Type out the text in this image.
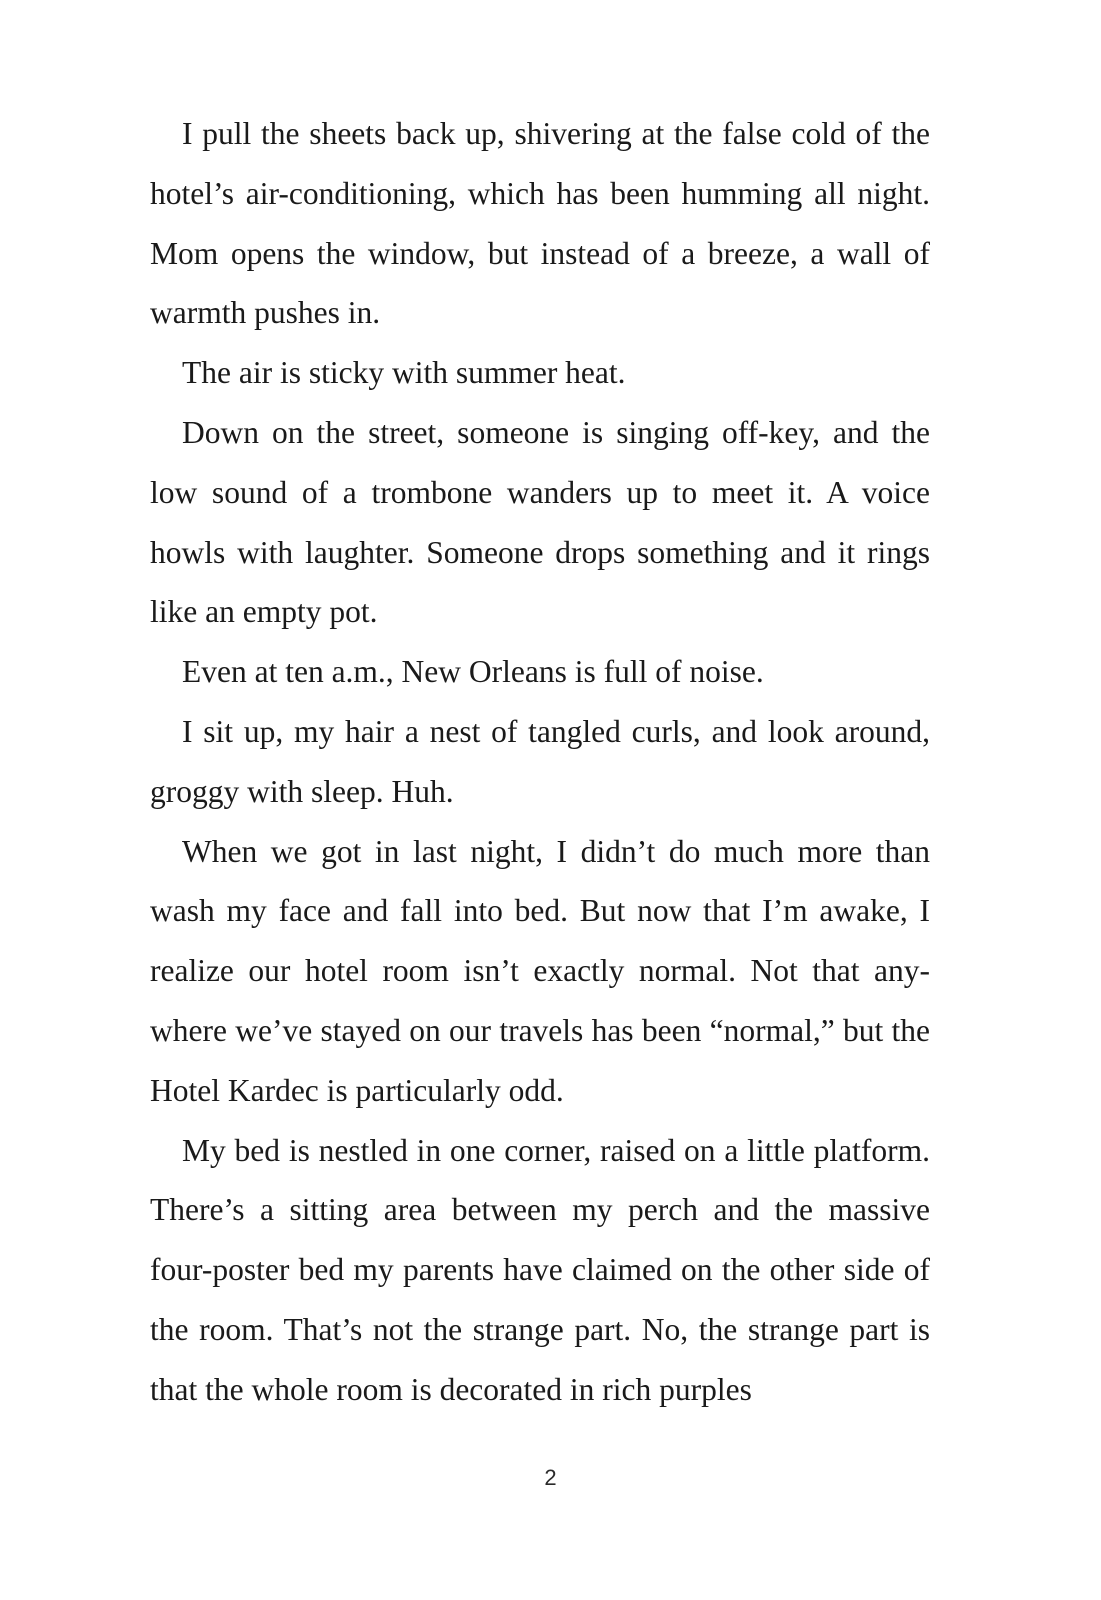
I pull the sheets back up, shivering at the false cold of the hotel’s air-conditioning, which has been humming all night. Mom opens the window, but instead of a breeze, a wall of warmth pushes in.

The air is sticky with summer heat.

Down on the street, someone is singing off-key, and the low sound of a trombone wanders up to meet it. A voice howls with laughter. Someone drops something and it rings like an empty pot.

Even at ten a.m., New Orleans is full of noise.

I sit up, my hair a nest of tangled curls, and look around, groggy with sleep. Huh.

When we got in last night, I didn’t do much more than wash my face and fall into bed. But now that I’m awake, I realize our hotel room isn’t exactly normal. Not that anywhere we’ve stayed on our travels has been “normal,” but the Hotel Kardec is particularly odd.

My bed is nestled in one corner, raised on a little platform. There’s a sitting area between my perch and the massive four-poster bed my parents have claimed on the other side of the room. That’s not the strange part. No, the strange part is that the whole room is decorated in rich purples

2
